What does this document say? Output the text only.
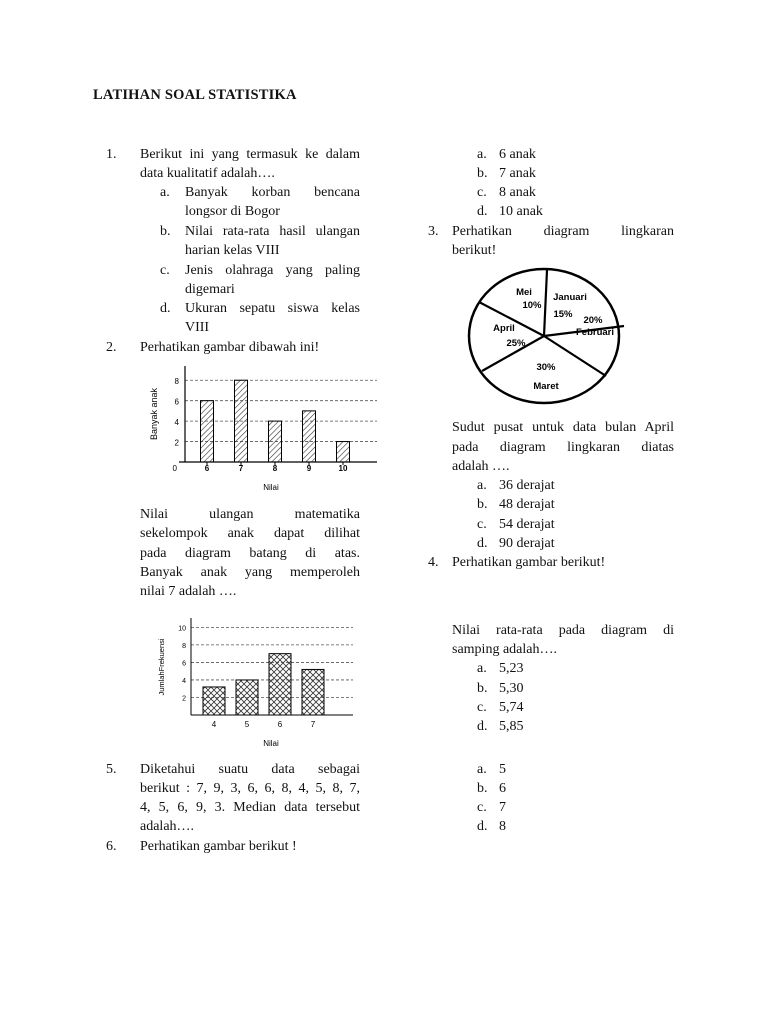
LATIHAN SOAL STATISTIKA
1. Berikut ini yang termasuk ke dalam
data kualitatif adalah….
a. Banyak korban bencana
longsor di Bogor
b. Nilai rata-rata hasil ulangan
harian kelas VIII
c. Jenis olahraga yang paling
digemari
d. Ukuran sepatu siswa kelas
VIII
2. Perhatikan gambar dibawah ini!
2
4
6
8
0	6	7	8	9	10
Nilai
Banyak anak
Nilai ulangan matematika
sekelompok anak dapat dilihat
pada diagram batang di atas.
Banyak anak yang memperoleh
nilai 7 adalah ….
2
4
6
8
10
4	5	6	7
Nilai
JumlahFrekuensi
5. Diketahui suatu data sebagai
berikut : 7, 9, 3, 6, 6, 8, 4, 5, 8, 7,
4, 5, 6, 9, 3. Median data tersebut
adalah….
6. Perhatikan gambar berikut !
a. 6 anak
b. 7 anak
c. 8 anak
d. 10 anak
3. Perhatikan diagram lingkaran
berikut!
Mei
10%
Januari
15%
Februari
20%
Maret
30%
April
25%
Sudut pusat untuk data bulan April
pada diagram lingkaran diatas
adalah ….
a. 36 derajat
b. 48 derajat
c. 54 derajat
d. 90 derajat
4. Perhatikan gambar berikut!
Nilai rata-rata pada diagram di
samping adalah….
a. 5,23
b. 5,30
c. 5,74
d. 5,85
a. 5
b. 6
c. 7
d. 8
